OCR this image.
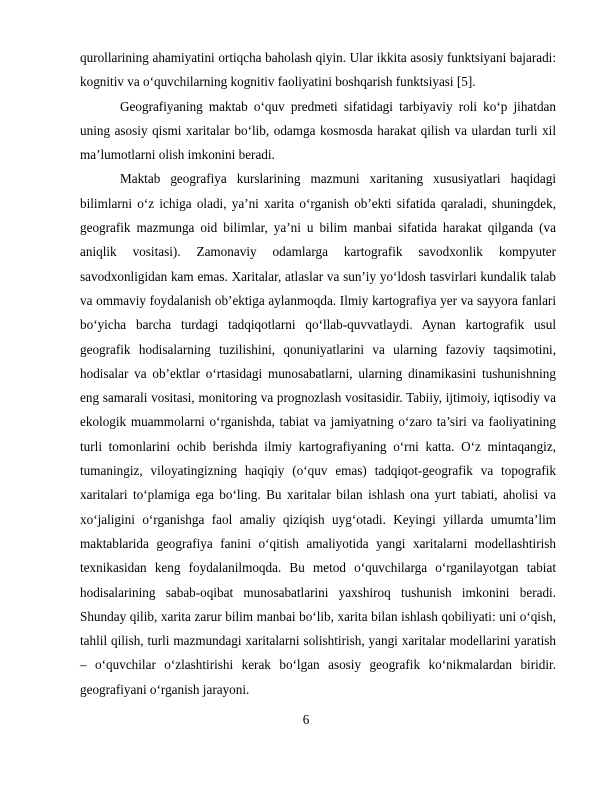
qurollarining ahamiyatini ortiqcha baholash qiyin. Ular ikkita asosiy funktsiyani bajaradi: kognitiv va o‘quvchilarning kognitiv faoliyatini boshqarish funktsiyasi [5].

Geografiyaning maktab o‘quv predmeti sifatidagi tarbiyaviy roli ko‘p jihatdan uning asosiy qismi xaritalar bo‘lib, odamga kosmosda harakat qilish va ulardan turli xil ma’lumotlarni olish imkonini beradi.

Maktab geografiya kurslarining mazmuni xaritaning xususiyatlari haqidagi bilimlarni o‘z ichiga oladi, ya’ni xarita o‘rganish ob’ekti sifatida qaraladi, shuningdek, geografik mazmunga oid bilimlar, ya’ni u bilim manbai sifatida harakat qilganda (va aniqlik vositasi). Zamonaviy odamlarga kartografik savodxonlik kompyuter savodxonligidan kam emas. Xaritalar, atlaslar va sun’iy yo‘ldosh tasvirlari kundalik talab va ommaviy foydalanish ob’ektiga aylanmoqda. Ilmiy kartografiya yer va sayyora fanlari bo‘yicha barcha turdagi tadqiqotlarni qo‘llab-quvvatlaydi. Aynan kartografik usul geografik hodisalarning tuzilishini, qonuniyatlarini va ularning fazoviy taqsimotini, hodisalar va ob’ektlar o‘rtasidagi munosabatlarni, ularning dinamikasini tushunishning eng samarali vositasi, monitoring va prognozlash vositasidir. Tabiiy, ijtimoiy, iqtisodiy va ekologik muammolarni o‘rganishda, tabiat va jamiyatning o‘zaro ta’siri va faoliyatining turli tomonlarini ochib berishda ilmiy kartografiyaning o‘rni katta. O‘z mintaqangiz, tumaningiz, viloyatingizning haqiqiy (o‘quv emas) tadqiqot-geografik va topografik xaritalari to‘plamiga ega bo‘ling. Bu xaritalar bilan ishlash ona yurt tabiati, aholisi va xo‘jaligini o‘rganishga faol amaliy qiziqish uyg‘otadi. Keyingi yillarda umumta’lim maktablarida geografiya fanini o‘qitish amaliyotida yangi xaritalarni modellashtirish texnikasidan keng foydalanilmoqda. Bu metod o‘quvchilarga o‘rganilayotgan tabiat hodisalarining sabab-oqibat munosabatlarini yaxshiroq tushunish imkonini beradi. Shunday qilib, xarita zarur bilim manbai bo‘lib, xarita bilan ishlash qobiliyati: uni o‘qish, tahlil qilish, turli mazmundagi xaritalarni solishtirish, yangi xaritalar modellarini yaratish – o‘quvchilar o‘zlashtirishi kerak bo‘lgan asosiy geografik ko‘nikmalardan biridir. geografiyani o‘rganish jarayoni.

6
